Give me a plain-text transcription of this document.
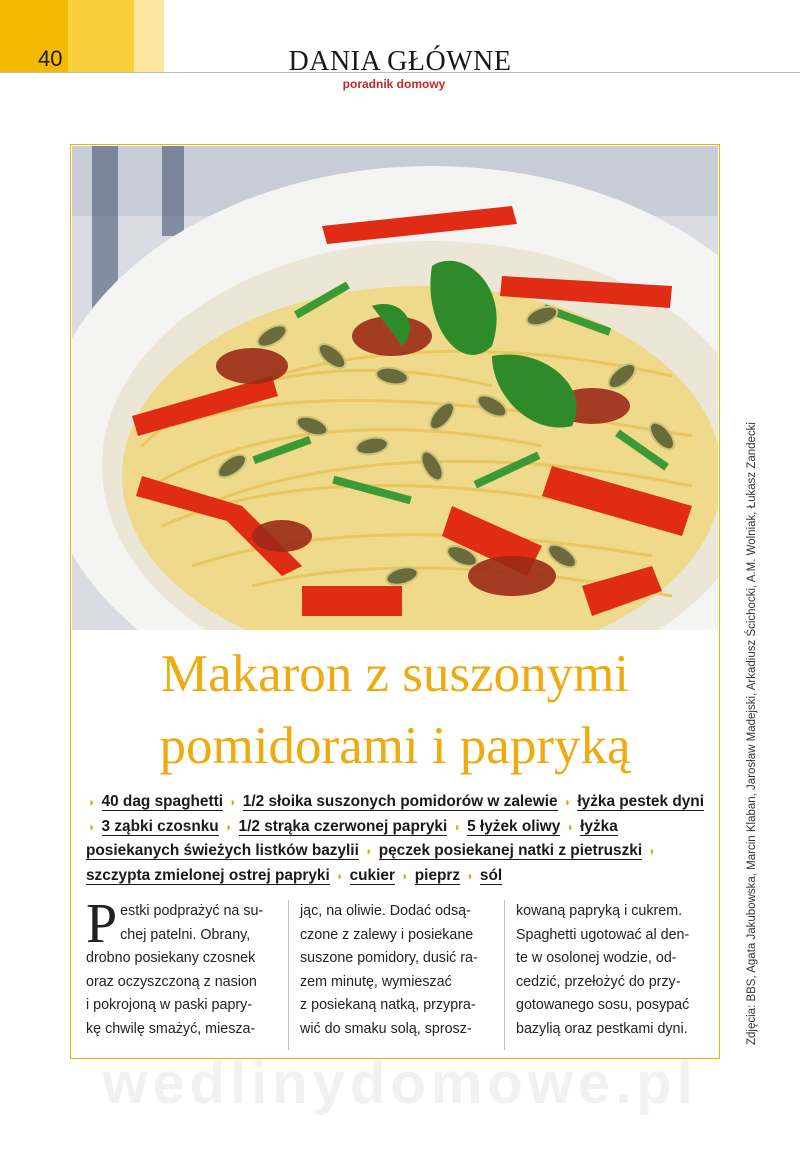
40	DANIA GŁÓWNE
poradnik domowy
Makaron z suszonymi
pomidorami i papryką
◗ 40 dag spaghetti ◗ 1/2 słoika suszonych pomidorów w zalewie ◗ łyżka pestek dyni ◗ 3 ząbki czosnku ◗ 1/2 strąka czerwonej papryki ◗ 5 łyżek oliwy ◗ łyżka posiekanych świeżych listków bazylii ◗ pęczek posiekanej natki z pietruszki ◗ szczypta zmielonej ostrej papryki ◗ cukier ◗ pieprz ◗ sól
Pestki podprażyć na su-
chej patelni. Obrany,
drobno posiekany czosnek
oraz oczyszczoną z nasion
i pokrojoną w paski papry-
kę chwilę smażyć, miesza-
jąc, na oliwie. Dodać odsą-
czone z zalewy i posiekane
suszone pomidory, dusić ra-
zem minutę, wymieszać
z posiekaną natką, przypra-
wić do smaku solą, sprosz-
kowaną papryką i cukrem.
Spaghetti ugotować al den-
te w osolonej wodzie, od-
cedzić, przełożyć do przy-
gotowanego sosu, posypać
bazylią oraz pestkami dyni.	Zdjęcia: BBS, Agata Jakubowska, Marcin Klaban, Jarosław Madejski, Arkadiusz Ścichocki, A.M. Wolniak, Łukasz Zandecki
wedlinydomowe.pl
